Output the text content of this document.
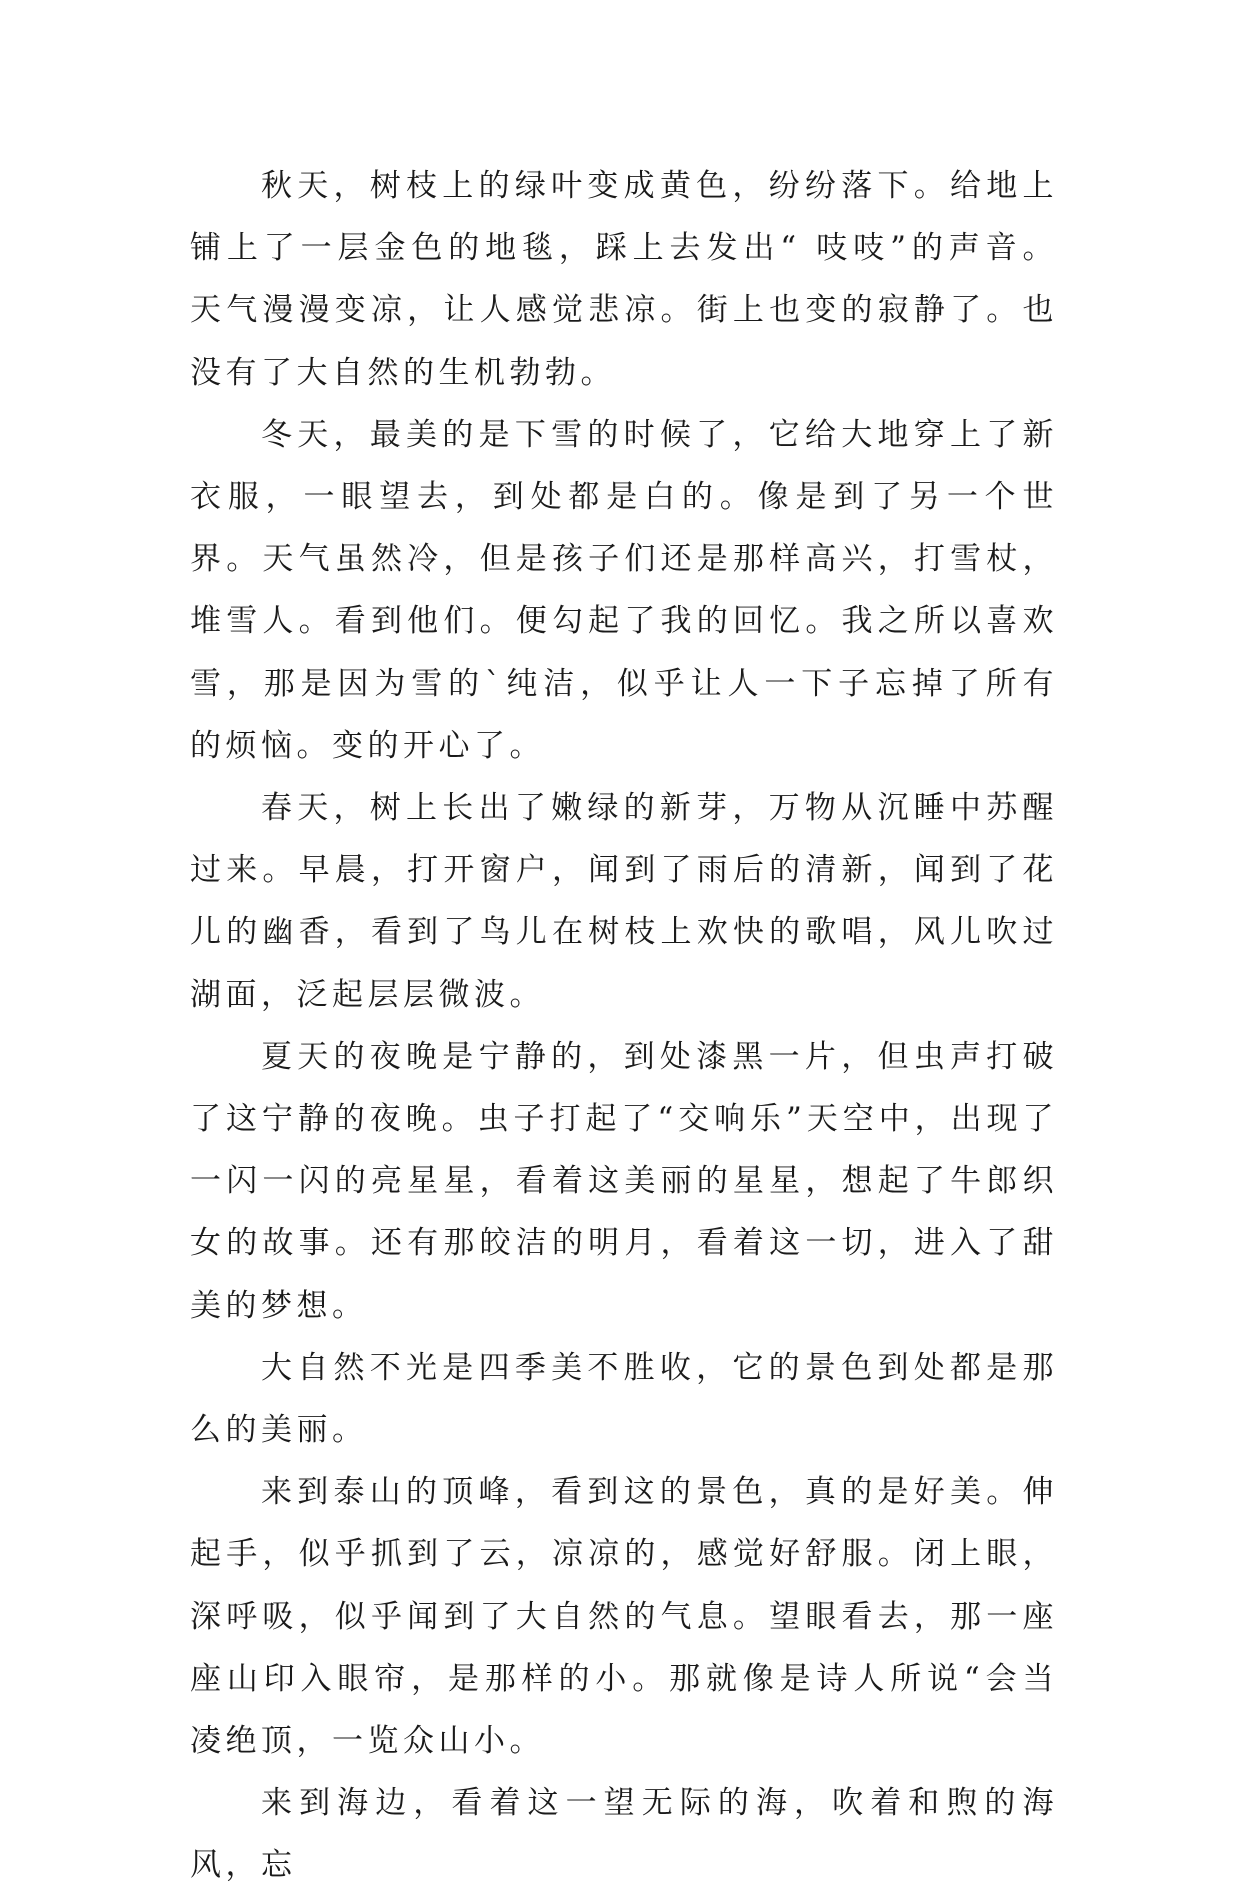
秋天，树枝上的绿叶变成黄色，纷纷落下。给地上铺上了一层金色的地毯，踩上去发出“ 吱吱”的声音。天气漫漫变凉，让人感觉悲凉。街上也变的寂静了。也没有了大自然的生机勃勃。

冬天，最美的是下雪的时候了，它给大地穿上了新衣服，一眼望去，到处都是白的。像是到了另一个世界。天气虽然冷，但是孩子们还是那样高兴，打雪杖，堆雪人。看到他们。便勾起了我的回忆。我之所以喜欢雪，那是因为雪的`纯洁，似乎让人一下子忘掉了所有的烦恼。变的开心了。

春天，树上长出了嫩绿的新芽，万物从沉睡中苏醒过来。早晨，打开窗户，闻到了雨后的清新，闻到了花儿的幽香，看到了鸟儿在树枝上欢快的歌唱，风儿吹过湖面，泛起层层微波。

夏天的夜晚是宁静的，到处漆黑一片，但虫声打破了这宁静的夜晚。虫子打起了“交响乐”天空中，出现了一闪一闪的亮星星，看着这美丽的星星，想起了牛郎织女的故事。还有那皎洁的明月，看着这一切，进入了甜美的梦想。

大自然不光是四季美不胜收，它的景色到处都是那么的美丽。

来到泰山的顶峰，看到这的景色，真的是好美。伸起手，似乎抓到了云，凉凉的，感觉好舒服。闭上眼，深呼吸，似乎闻到了大自然的气息。望眼看去，那一座座山印入眼帘，是那样的小。那就像是诗人所说“会当凌绝顶，一览众山小。

来到海边，看着这一望无际的海，吹着和煦的海风，忘
